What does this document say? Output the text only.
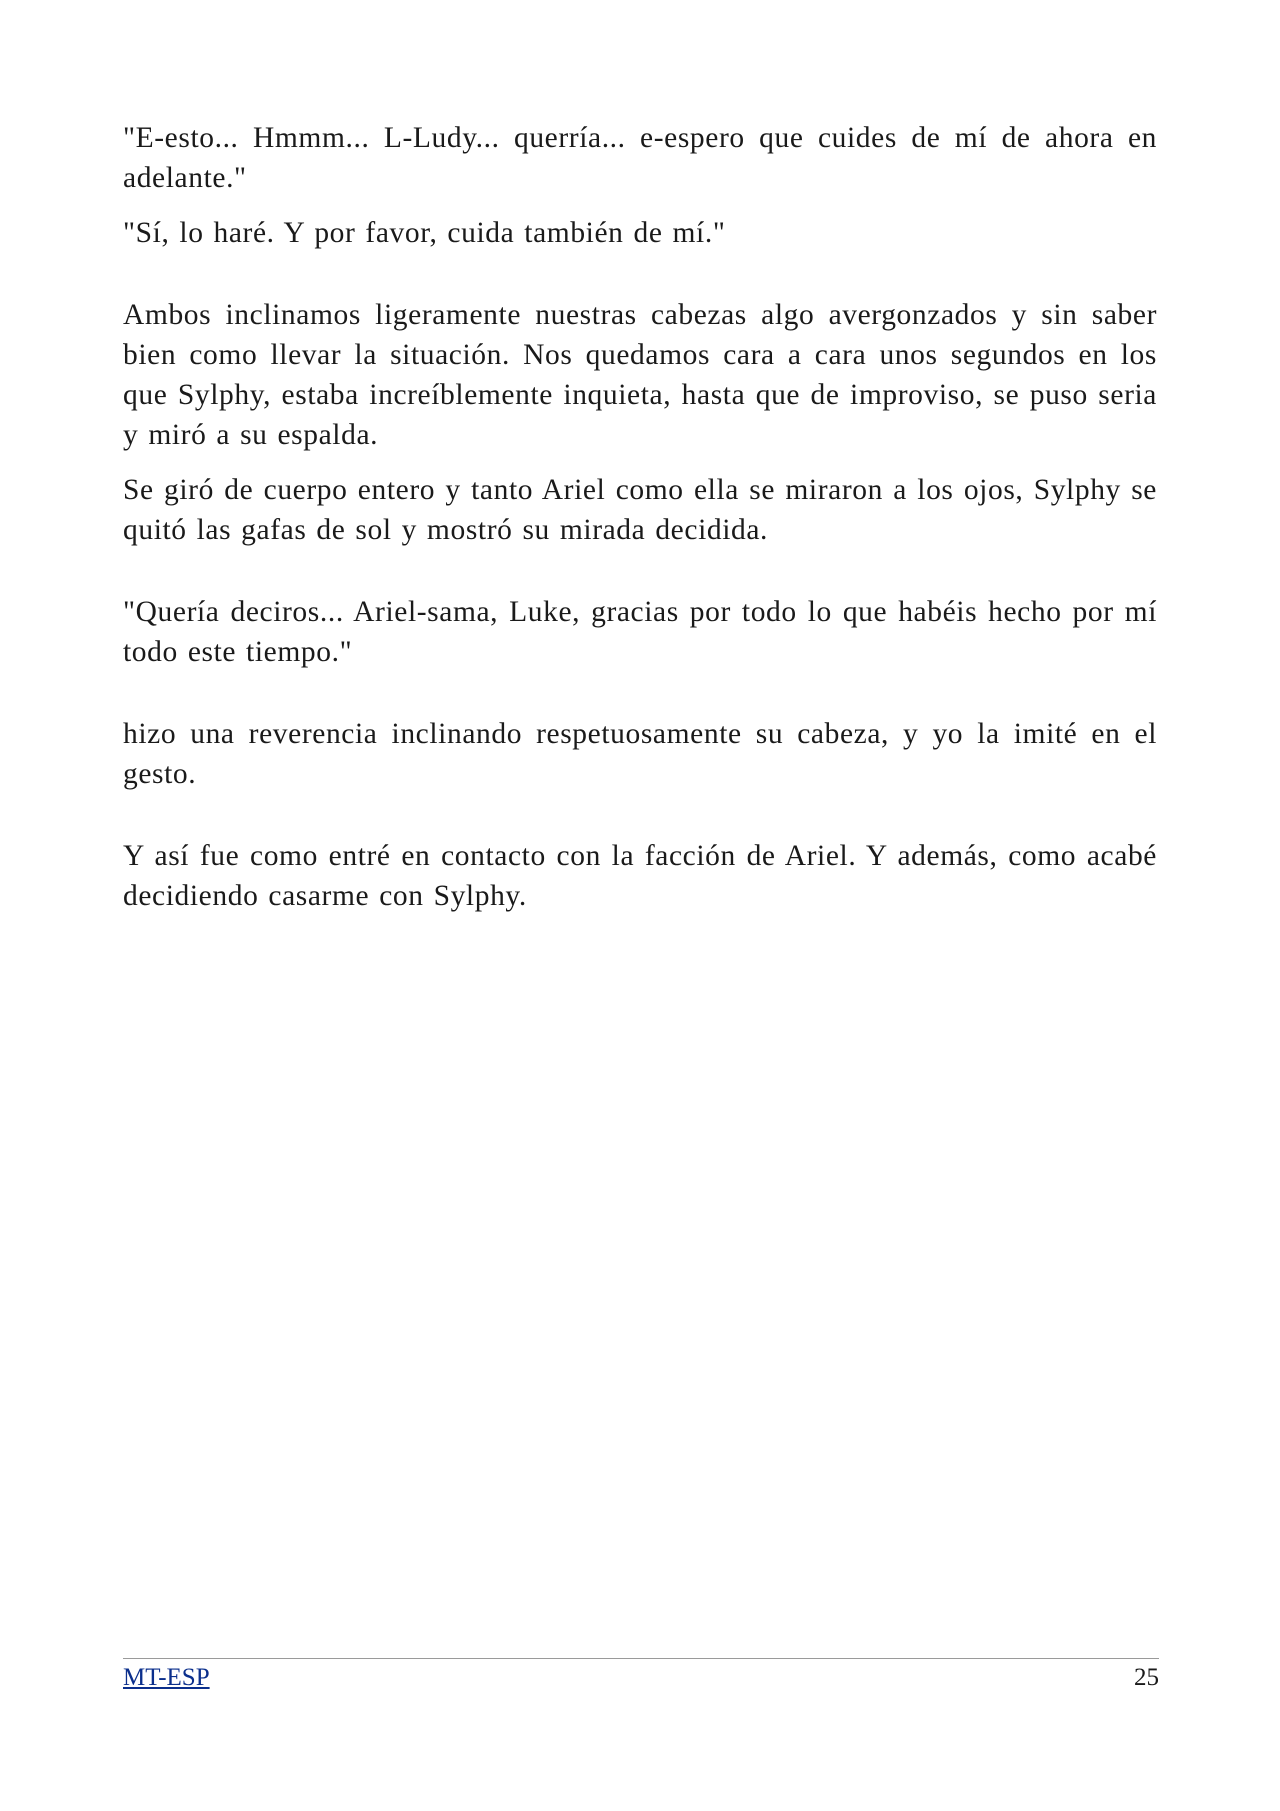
"E-esto... Hmmm... L-Ludy... querría... e-espero que cuides de mí de ahora en adelante."

"Sí, lo haré. Y por favor, cuida también de mí."

Ambos inclinamos ligeramente nuestras cabezas algo avergonzados y sin saber bien como llevar la situación. Nos quedamos cara a cara unos segundos en los que Sylphy, estaba increíblemente inquieta, hasta que de improviso, se puso seria y miró a su espalda.

Se giró de cuerpo entero y tanto Ariel como ella se miraron a los ojos, Sylphy se quitó las gafas de sol y mostró su mirada decidida.

"Quería deciros... Ariel-sama, Luke, gracias por todo lo que habéis hecho por mí todo este tiempo."

hizo una reverencia inclinando respetuosamente su cabeza, y yo la imité en el gesto.

Y así fue como entré en contacto con la facción de Ariel. Y además, como acabé decidiendo casarme con Sylphy.

MT-ESP	25
